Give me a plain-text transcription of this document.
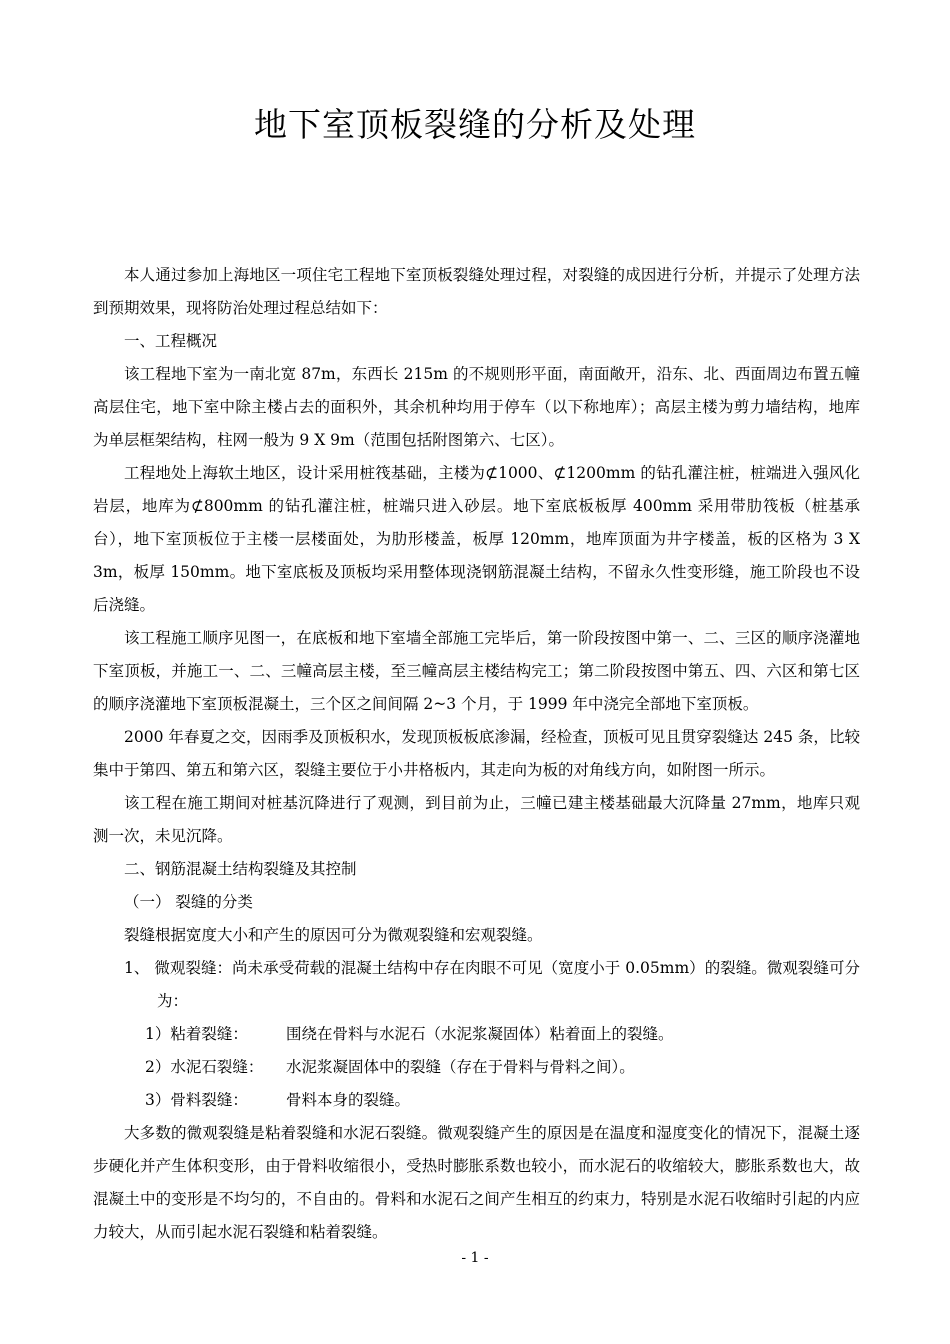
地下室顶板裂缝的分析及处理

本人通过参加上海地区一项住宅工程地下室顶板裂缝处理过程，对裂缝的成因进行分析，并提示了处理方法到预期效果，现将防治处理过程总结如下：

一、工程概况

该工程地下室为一南北宽 87m，东西长 215m 的不规则形平面，南面敞开，沿东、北、西面周边布置五幢高层住宅，地下室中除主楼占去的面积外，其余机种均用于停车（以下称地库）；高层主楼为剪力墙结构，地库为单层框架结构，柱网一般为 9 X 9m（范围包括附图第六、七区）。

工程地处上海软土地区，设计采用桩筏基础，主楼为⊄1000、⊄1200mm 的钻孔灌注桩，桩端进入强风化岩层，地库为⊄800mm 的钻孔灌注桩，桩端只进入砂层。地下室底板板厚 400mm 采用带肋筏板（桩基承台），地下室顶板位于主楼一层楼面处，为肋形楼盖，板厚 120mm，地库顶面为井字楼盖，板的区格为 3 X 3m，板厚 150mm。地下室底板及顶板均采用整体现浇钢筋混凝土结构，不留永久性变形缝，施工阶段也不设后浇缝。

该工程施工顺序见图一，在底板和地下室墙全部施工完毕后，第一阶段按图中第一、二、三区的顺序浇灌地下室顶板，并施工一、二、三幢高层主楼，至三幢高层主楼结构完工；第二阶段按图中第五、四、六区和第七区的顺序浇灌地下室顶板混凝土，三个区之间间隔 2~3 个月，于 1999 年中浇完全部地下室顶板。

2000 年春夏之交，因雨季及顶板积水，发现顶板板底渗漏，经检查，顶板可见且贯穿裂缝达 245 条，比较集中于第四、第五和第六区，裂缝主要位于小井格板内，其走向为板的对角线方向，如附图一所示。

该工程在施工期间对桩基沉降进行了观测，到目前为止，三幢已建主楼基础最大沉降量 27mm，地库只观测一次，未见沉降。

二、钢筋混凝土结构裂缝及其控制

（一） 裂缝的分类

裂缝根据宽度大小和产生的原因可分为微观裂缝和宏观裂缝。

1、 微观裂缝：尚未承受荷载的混凝土结构中存在肉眼不可见（宽度小于 0.05mm）的裂缝。微观裂缝可分为：

1）粘着裂缝：	围绕在骨料与水泥石（水泥浆凝固体）粘着面上的裂缝。
2）水泥石裂缝：	水泥浆凝固体中的裂缝（存在于骨料与骨料之间）。
3）骨料裂缝：	骨料本身的裂缝。

大多数的微观裂缝是粘着裂缝和水泥石裂缝。微观裂缝产生的原因是在温度和湿度变化的情况下，混凝土逐步硬化并产生体积变形，由于骨料收缩很小，受热时膨胀系数也较小，而水泥石的收缩较大，膨胀系数也大，故混凝土中的变形是不均匀的，不自由的。骨料和水泥石之间产生相互的约束力，特别是水泥石收缩时引起的内应力较大，从而引起水泥石裂缝和粘着裂缝。

- 1 -
